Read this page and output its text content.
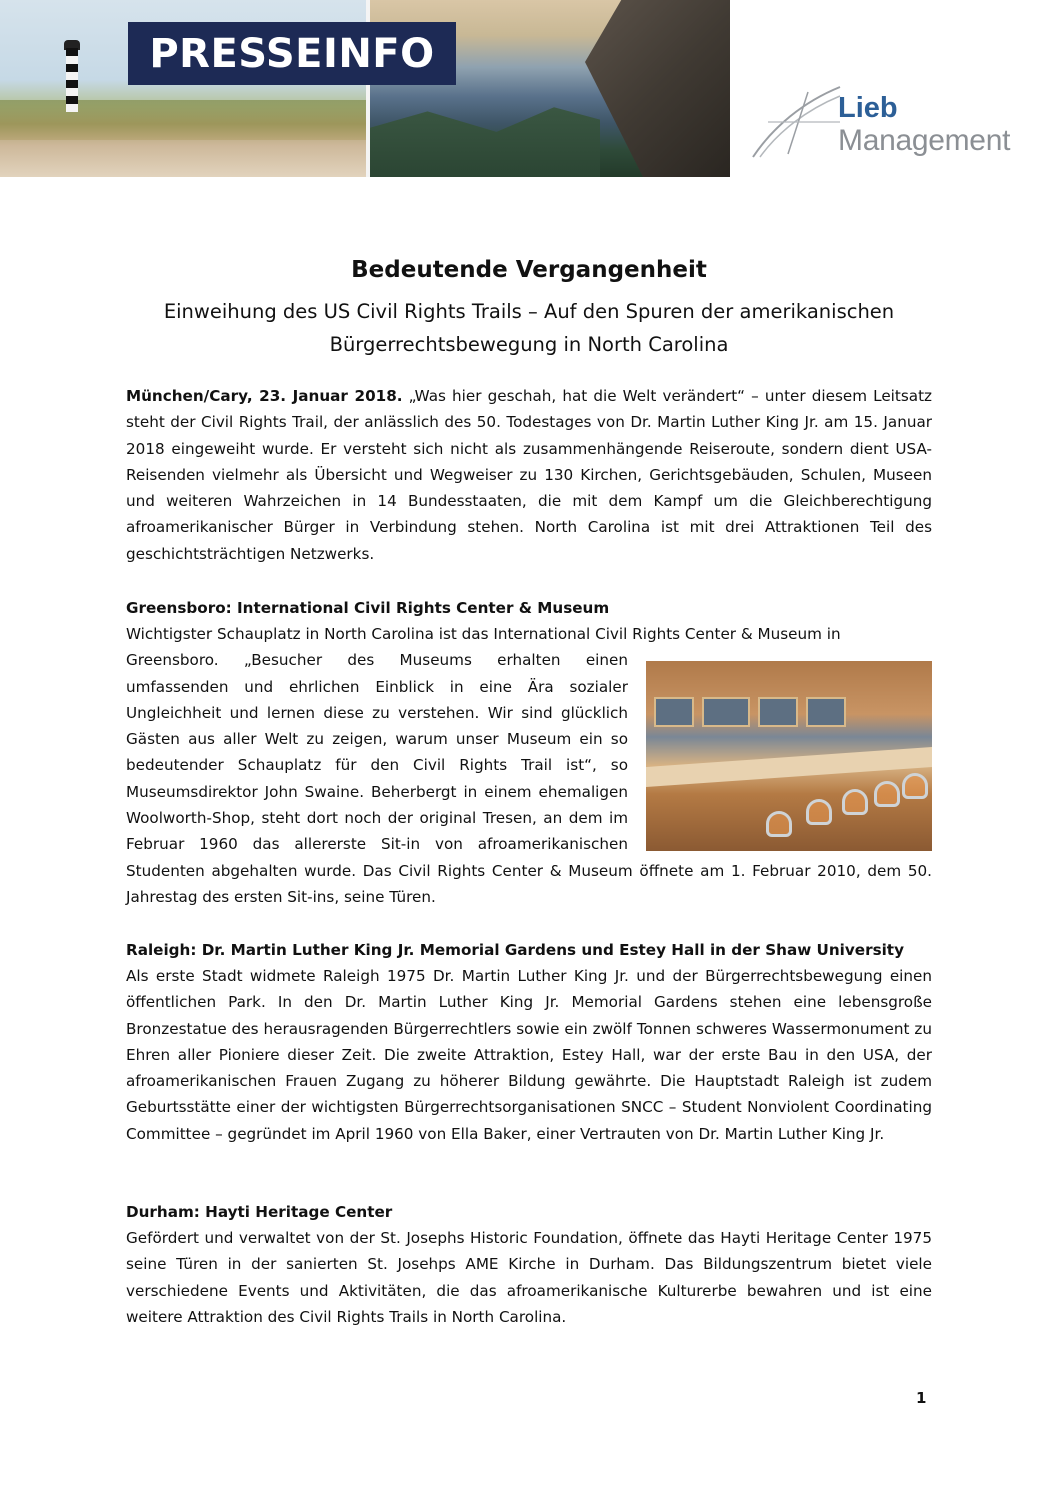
PRESSEINFO
Lieb
Management
Bedeutende Vergangenheit
Einweihung des US Civil Rights Trails – Auf den Spuren der amerikanischen
Bürgerrechtsbewegung in North Carolina
München/Cary, 23. Januar 2018. „Was hier geschah, hat die Welt verändert“ – unter diesem Leitsatz steht der Civil Rights Trail, der anlässlich des 50. Todestages von Dr. Martin Luther King Jr. am 15. Januar 2018 eingeweiht wurde. Er versteht sich nicht als zusammenhängende Reiseroute, sondern dient USA-Reisenden vielmehr als Übersicht und Wegweiser zu 130 Kirchen, Gerichtsgebäuden, Schulen, Museen und weiteren Wahrzeichen in 14 Bundesstaaten, die mit dem Kampf um die Gleichberechtigung afroamerikanischer Bürger in Verbindung stehen. North Carolina ist mit drei Attraktionen Teil des geschichtsträchtigen Netzwerks.
Greensboro: International Civil Rights Center & Museum
Wichtigster Schauplatz in North Carolina ist das International Civil Rights Center & Museum in
Greensboro. „Besucher des Museums erhalten einen umfassenden und ehrlichen Einblick in eine Ära sozialer Ungleichheit und lernen diese zu verstehen. Wir sind glücklich Gästen aus aller Welt zu zeigen, warum unser Museum ein so bedeutender Schauplatz für den Civil Rights Trail ist“, so Museumsdirektor John Swaine. Beherbergt in einem ehemaligen Woolworth-Shop, steht dort noch der original Tresen, an dem im Februar 1960 das allererste Sit-in von afroamerikanischen Studenten abgehalten wurde. Das Civil Rights Center & Museum öffnete am 1. Februar 2010, dem 50. Jahrestag des ersten Sit-ins, seine Türen.
Raleigh: Dr. Martin Luther King Jr. Memorial Gardens und Estey Hall in der Shaw University
Als erste Stadt widmete Raleigh 1975 Dr. Martin Luther King Jr. und der Bürgerrechtsbewegung einen öffentlichen Park. In den Dr. Martin Luther King Jr. Memorial Gardens stehen eine lebensgroße Bronzestatue des herausragenden Bürgerrechtlers sowie ein zwölf Tonnen schweres Wassermonument zu Ehren aller Pioniere dieser Zeit. Die zweite Attraktion, Estey Hall, war der erste Bau in den USA, der afroamerikanischen Frauen Zugang zu höherer Bildung gewährte. Die Hauptstadt Raleigh ist zudem Geburtsstätte einer der wichtigsten Bürgerrechtsorganisationen SNCC – Student Nonviolent Coordinating Committee – gegründet im April 1960 von Ella Baker, einer Vertrauten von Dr. Martin Luther King Jr.
Durham: Hayti Heritage Center
Gefördert und verwaltet von der St. Josephs Historic Foundation, öffnete das Hayti Heritage Center 1975 seine Türen in der sanierten St. Josehps AME Kirche in Durham. Das Bildungszentrum bietet viele verschiedene Events und Aktivitäten, die das afroamerikanische Kulturerbe bewahren und ist eine weitere Attraktion des Civil Rights Trails in North Carolina.
1
